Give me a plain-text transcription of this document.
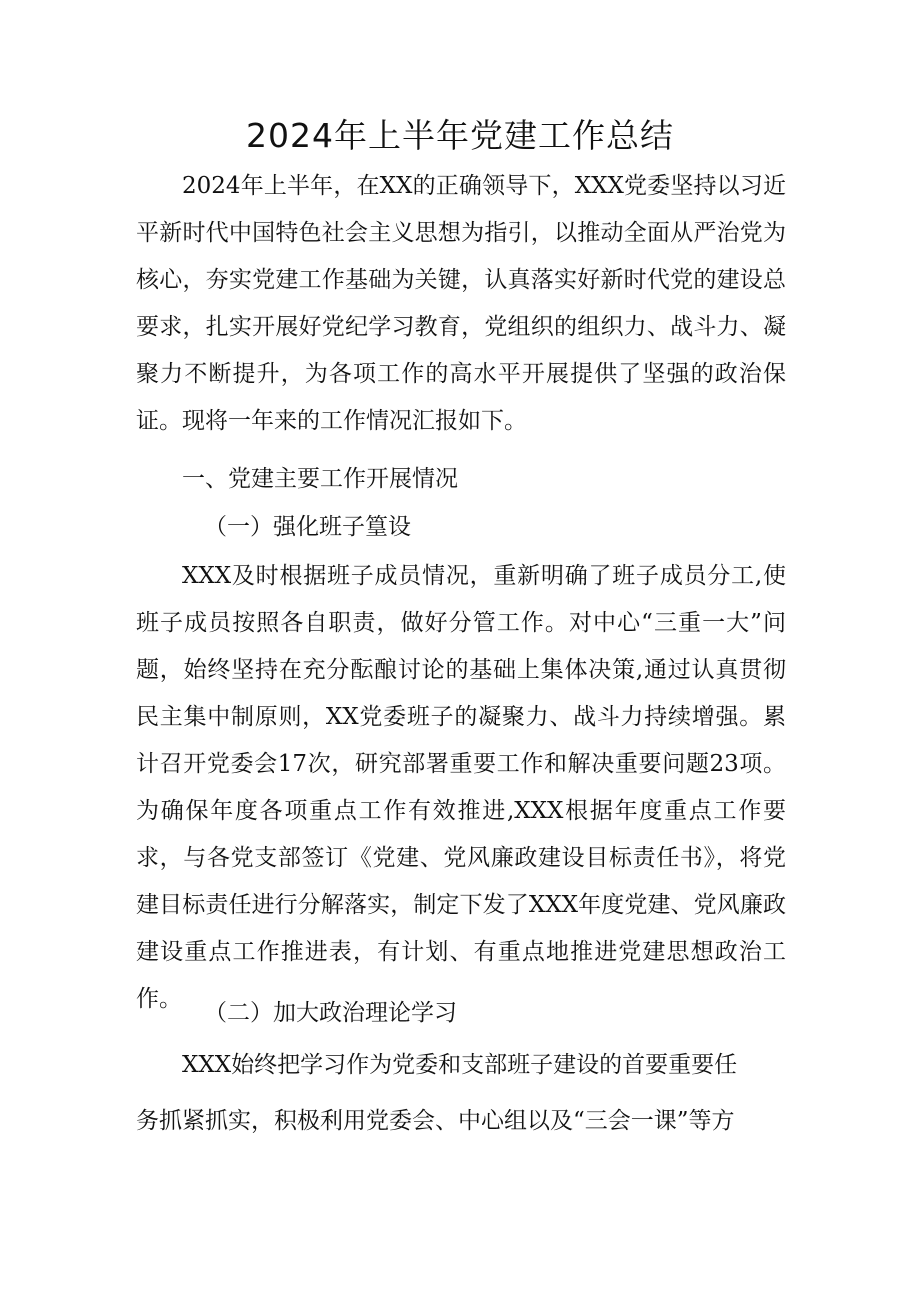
2024年上半年党建工作总结

2024年上半年，在XX的正确领导下，XXX党委坚持以习近平新时代中国特色社会主义思想为指引，以推动全面从严治党为核心，夯实党建工作基础为关键，认真落实好新时代党的建设总要求，扎实开展好党纪学习教育，党组织的组织力、战斗力、凝聚力不断提升，为各项工作的高水平开展提供了坚强的政治保证。现将一年来的工作情况汇报如下。

一、党建主要工作开展情况

（一）强化班子篁设

XXX及时根据班子成员情况，重新明确了班子成员分工,使班子成员按照各自职责，做好分管工作。对中心“三重一大”问题，始终坚持在充分酝酿讨论的基础上集体决策,通过认真贯彻民主集中制原则，XX党委班子的凝聚力、战斗力持续增强。累计召开党委会17次，研究部署重要工作和解决重要问题23项。为确保年度各项重点工作有效推进,XXX根据年度重点工作要求，与各党支部签订《党建、党风廉政建设目标责任书》，将党建目标责任进行分解落实，制定下发了XXX年度党建、党风廉政建设重点工作推进表，有计划、有重点地推进党建思想政治工作。

（二）加大政治理论学习

XXX始终把学习作为党委和支部班子建设的首要重要任

务抓紧抓实，积极利用党委会、中心组以及“三会一课”等方
